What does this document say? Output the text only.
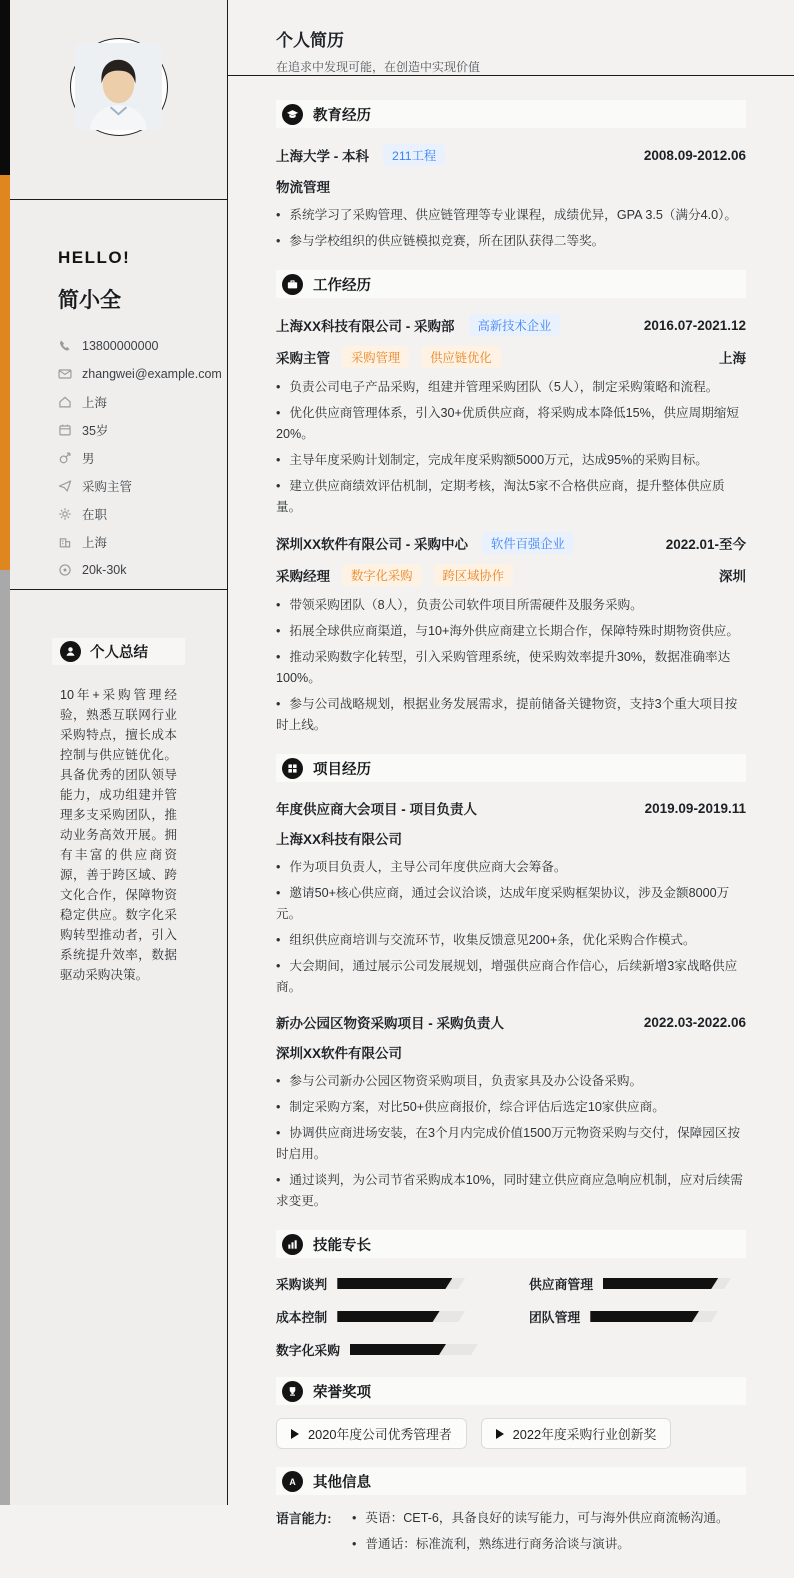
HELLO!
简小全
13800000000
zhangwei@example.com
上海
35岁
男
采购主管
在职
上海
20k-30k
个人总结

10年+采购管理经验，熟悉互联网行业采购特点，擅长成本控制与供应链优化。具备优秀的团队领导能力，成功组建并管理多支采购团队，推动业务高效开展。拥有丰富的供应商资源，善于跨区域、跨文化合作，保障物资稳定供应。数字化采购转型推动者，引入系统提升效率，数据驱动采购决策。

个人简历
在追求中发现可能，在创造中实现价值
教育经历
上海大学 - 本科	211工程	2008.09-2012.06
物流管理

• 系统学习了采购管理、供应链管理等专业课程，成绩优异，GPA 3.5（满分4.0）。

• 参与学校组织的供应链模拟竞赛，所在团队获得二等奖。

工作经历
上海XX科技有限公司 - 采购部	高新技术企业	2016.07-2021.12
采购主管	采购管理	供应链优化	上海

• 负责公司电子产品采购，组建并管理采购团队（5人），制定采购策略和流程。

• 优化供应商管理体系，引入30+优质供应商，将采购成本降低15%，供应周期缩短20%。

• 主导年度采购计划制定，完成年度采购额5000万元，达成95%的采购目标。

• 建立供应商绩效评估机制，定期考核，淘汰5家不合格供应商，提升整体供应质量。

深圳XX软件有限公司 - 采购中心	软件百强企业	2022.01-至今
采购经理	数字化采购	跨区域协作	深圳

• 带领采购团队（8人），负责公司软件项目所需硬件及服务采购。

• 拓展全球供应商渠道，与10+海外供应商建立长期合作，保障特殊时期物资供应。

• 推动采购数字化转型，引入采购管理系统，使采购效率提升30%，数据准确率达100%。

• 参与公司战略规划，根据业务发展需求，提前储备关键物资，支持3个重大项目按时上线。

项目经历
年度供应商大会项目 - 项目负责人	2019.09-2019.11
上海XX科技有限公司

• 作为项目负责人，主导公司年度供应商大会筹备。

• 邀请50+核心供应商，通过会议洽谈，达成年度采购框架协议，涉及金额8000万元。

• 组织供应商培训与交流环节，收集反馈意见200+条，优化采购合作模式。

• 大会期间，通过展示公司发展规划，增强供应商合作信心，后续新增3家战略供应商。

新办公园区物资采购项目 - 采购负责人	2022.03-2022.06
深圳XX软件有限公司

• 参与公司新办公园区物资采购项目，负责家具及办公设备采购。

• 制定采购方案，对比50+供应商报价，综合评估后选定10家供应商。

• 协调供应商进场安装，在3个月内完成价值1500万元物资采购与交付，保障园区按时启用。

• 通过谈判，为公司节省采购成本10%，同时建立供应商应急响应机制，应对后续需求变更。

技能专长
采购谈判	供应商管理
成本控制	团队管理
数字化采购
荣誉奖项
2020年度公司优秀管理者	2022年度采购行业创新奖
A 其他信息
语言能力:	• 英语：CET-6，具备良好的读写能力，可与海外供应商流畅沟通。

• 普通话：标准流利，熟练进行商务洽谈与演讲。
